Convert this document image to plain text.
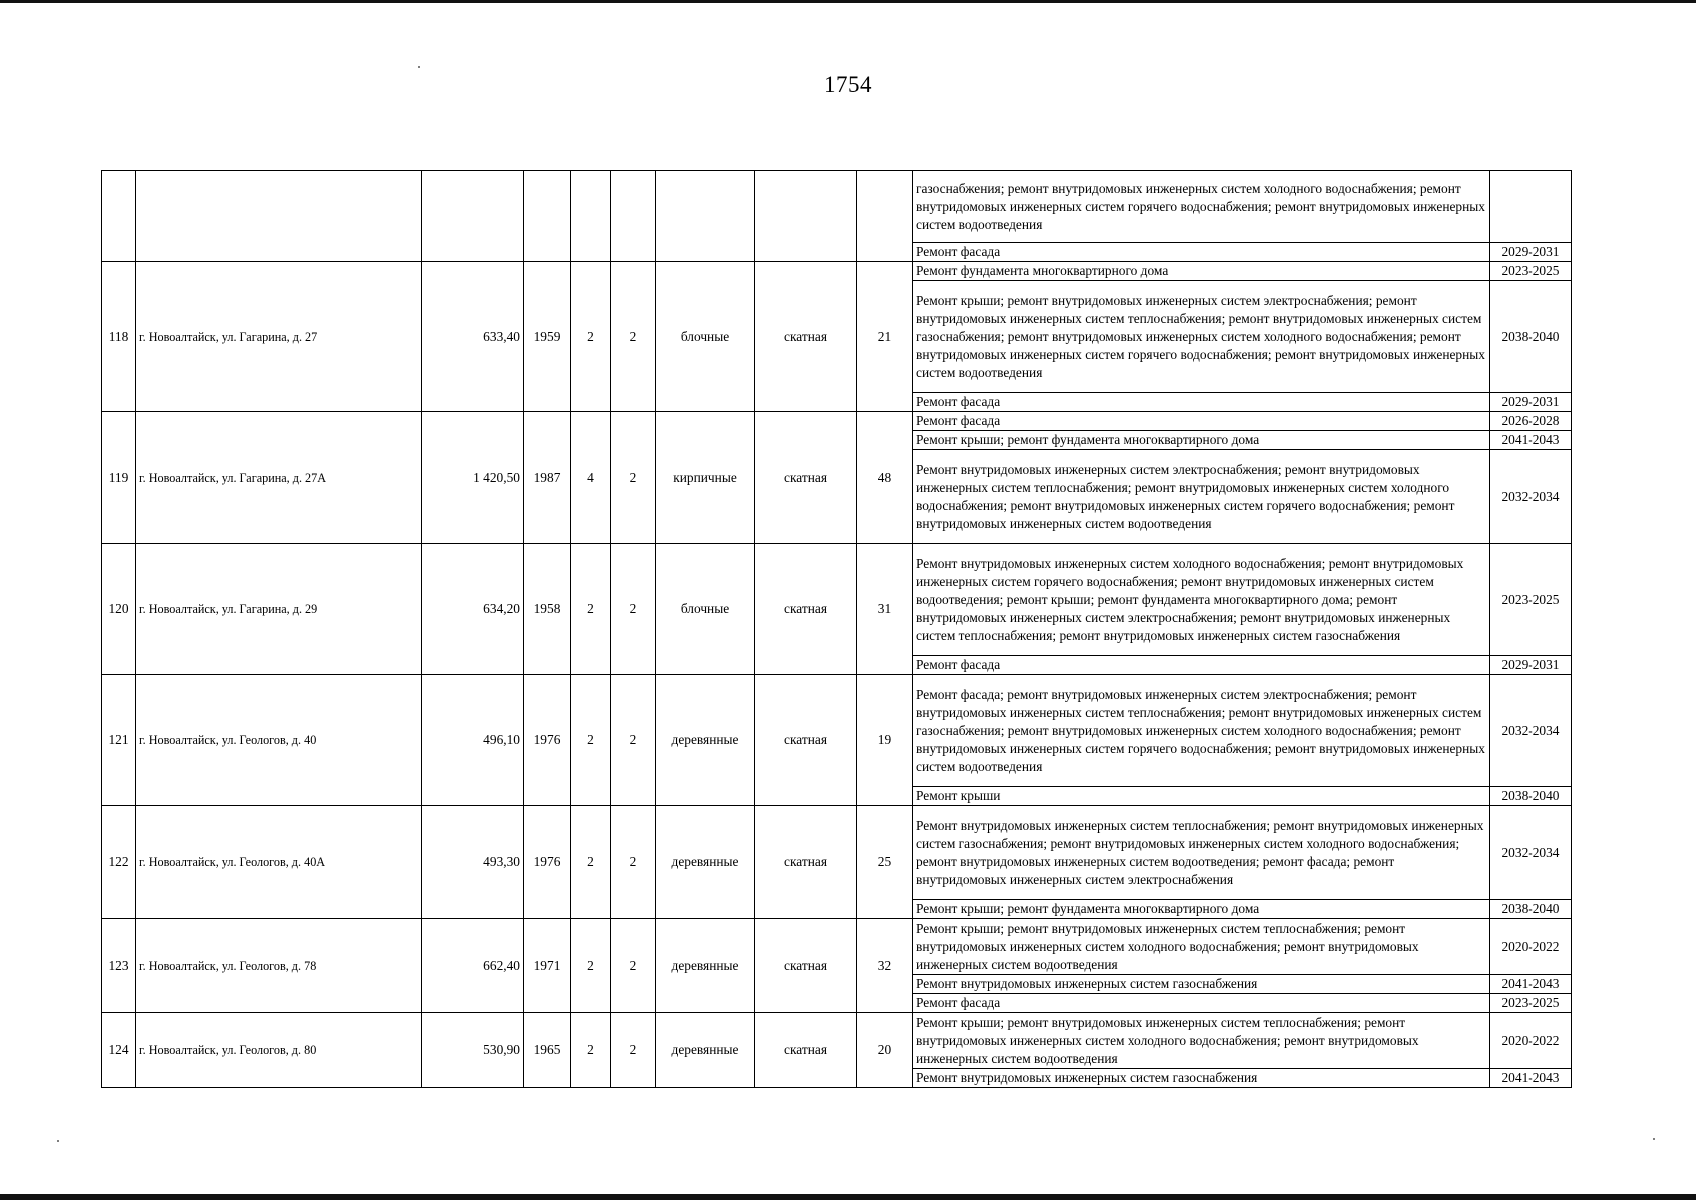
1754
									газоснабжения; ремонт внутридомовых инженерных систем холодного водоснабжения; ремонт внутридомовых инженерных систем горячего водоснабжения; ремонт внутридомовых инженерных систем водоотведения	
									Ремонт фасада	2029-2031
118	г. Новоалтайск, ул. Гагарина, д. 27	633,40	1959	2	2	блочные	скатная	21	Ремонт фундамента многоквартирного дома	2023-2025
									Ремонт крыши; ремонт внутридомовых инженерных систем электроснабжения; ремонт внутридомовых инженерных систем теплоснабжения; ремонт внутридомовых инженерных систем газоснабжения; ремонт внутридомовых инженерных систем холодного водоснабжения; ремонт внутридомовых инженерных систем горячего водоснабжения; ремонт внутридомовых инженерных систем водоотведения	2038-2040
									Ремонт фасада	2029-2031
119	г. Новоалтайск, ул. Гагарина, д. 27А	1 420,50	1987	4	2	кирпичные	скатная	48	Ремонт фасада	2026-2028
									Ремонт крыши; ремонт фундамента многоквартирного дома	2041-2043
									Ремонт внутридомовых инженерных систем электроснабжения; ремонт внутридомовых инженерных систем теплоснабжения; ремонт внутридомовых инженерных систем холодного водоснабжения; ремонт внутридомовых инженерных систем горячего водоснабжения; ремонт внутридомовых инженерных систем водоотведения	2032-2034
120	г. Новоалтайск, ул. Гагарина, д. 29	634,20	1958	2	2	блочные	скатная	31	Ремонт внутридомовых инженерных систем холодного водоснабжения; ремонт внутридомовых инженерных систем горячего водоснабжения; ремонт внутридомовых инженерных систем водоотведения; ремонт крыши; ремонт фундамента многоквартирного дома; ремонт внутридомовых инженерных систем электроснабжения; ремонт внутридомовых инженерных систем теплоснабжения; ремонт внутридомовых инженерных систем газоснабжения	2023-2025
									Ремонт фасада	2029-2031
121	г. Новоалтайск, ул. Геологов, д. 40	496,10	1976	2	2	деревянные	скатная	19	Ремонт фасада; ремонт внутридомовых инженерных систем электроснабжения; ремонт внутридомовых инженерных систем теплоснабжения; ремонт внутридомовых инженерных систем газоснабжения; ремонт внутридомовых инженерных систем холодного водоснабжения; ремонт внутридомовых инженерных систем горячего водоснабжения; ремонт внутридомовых инженерных систем водоотведения	2032-2034
									Ремонт крыши	2038-2040
122	г. Новоалтайск, ул. Геологов, д. 40А	493,30	1976	2	2	деревянные	скатная	25	Ремонт внутридомовых инженерных систем теплоснабжения; ремонт внутридомовых инженерных систем газоснабжения; ремонт внутридомовых инженерных систем холодного водоснабжения; ремонт внутридомовых инженерных систем водоотведения; ремонт фасада; ремонт внутридомовых инженерных систем электроснабжения	2032-2034
									Ремонт крыши; ремонт фундамента многоквартирного дома	2038-2040
123	г. Новоалтайск, ул. Геологов, д. 78	662,40	1971	2	2	деревянные	скатная	32	Ремонт крыши; ремонт внутридомовых инженерных систем теплоснабжения; ремонт внутридомовых инженерных систем холодного водоснабжения; ремонт внутридомовых инженерных систем водоотведения	2020-2022
									Ремонт внутридомовых инженерных систем газоснабжения	2041-2043
									Ремонт фасада	2023-2025
124	г. Новоалтайск, ул. Геологов, д. 80	530,90	1965	2	2	деревянные	скатная	20	Ремонт крыши; ремонт внутридомовых инженерных систем теплоснабжения; ремонт внутридомовых инженерных систем холодного водоснабжения; ремонт внутридомовых инженерных систем водоотведения	2020-2022
									Ремонт внутридомовых инженерных систем газоснабжения	2041-2043
